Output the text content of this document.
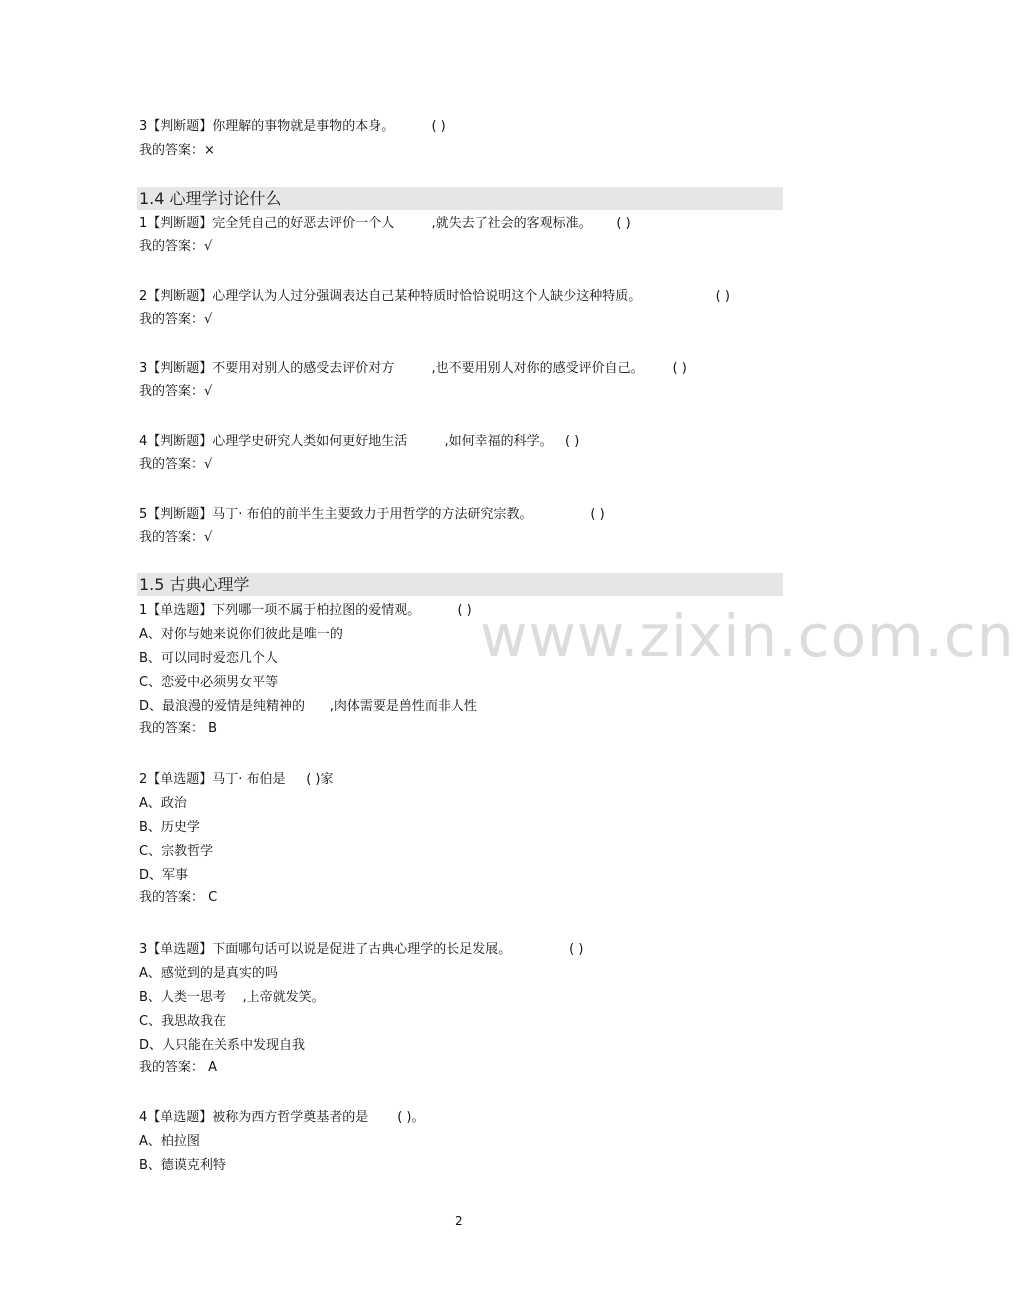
www.zixin.com.cn
3【判断题】你理解的事物就是事物的本身。         ( )
我的答案：×
1.4 心理学讨论什么
1【判断题】完全凭自己的好恶去评价一个人         ,就失去了社会的客观标准。      ( )
我的答案：√
2【判断题】心理学认为人过分强调表达自己某种特质时恰恰说明这个人缺少这种特质。                  ( )
我的答案：√
3【判断题】不要用对别人的感受去评价对方         ,也不要用别人对你的感受评价自己。       ( )
我的答案：√
4【判断题】心理学史研究人类如何更好地生活         ,如何幸福的科学。   ( )
我的答案：√
5【判断题】马丁· 布伯的前半生主要致力于用哲学的方法研究宗教。              ( )
我的答案：√
1.5 古典心理学
1【单选题】下列哪一项不属于柏拉图的爱情观。         ( )
A、对你与她来说你们彼此是唯一的
B、可以同时爱恋几个人
C、恋爱中必须男女平等
D、最浪漫的爱情是纯精神的      ,肉体需要是兽性而非人性
我的答案： B
2【单选题】马丁· 布伯是     ( )家
A、政治
B、历史学
C、宗教哲学
D、军事
我的答案： C
3【单选题】下面哪句话可以说是促进了古典心理学的长足发展。              ( )
A、感觉到的是真实的吗
B、人类一思考    ,上帝就发笑。
C、我思故我在
D、人只能在关系中发现自我
我的答案： A
4【单选题】被称为西方哲学奠基者的是       ( )。
A、柏拉图
B、德谟克利特
2
